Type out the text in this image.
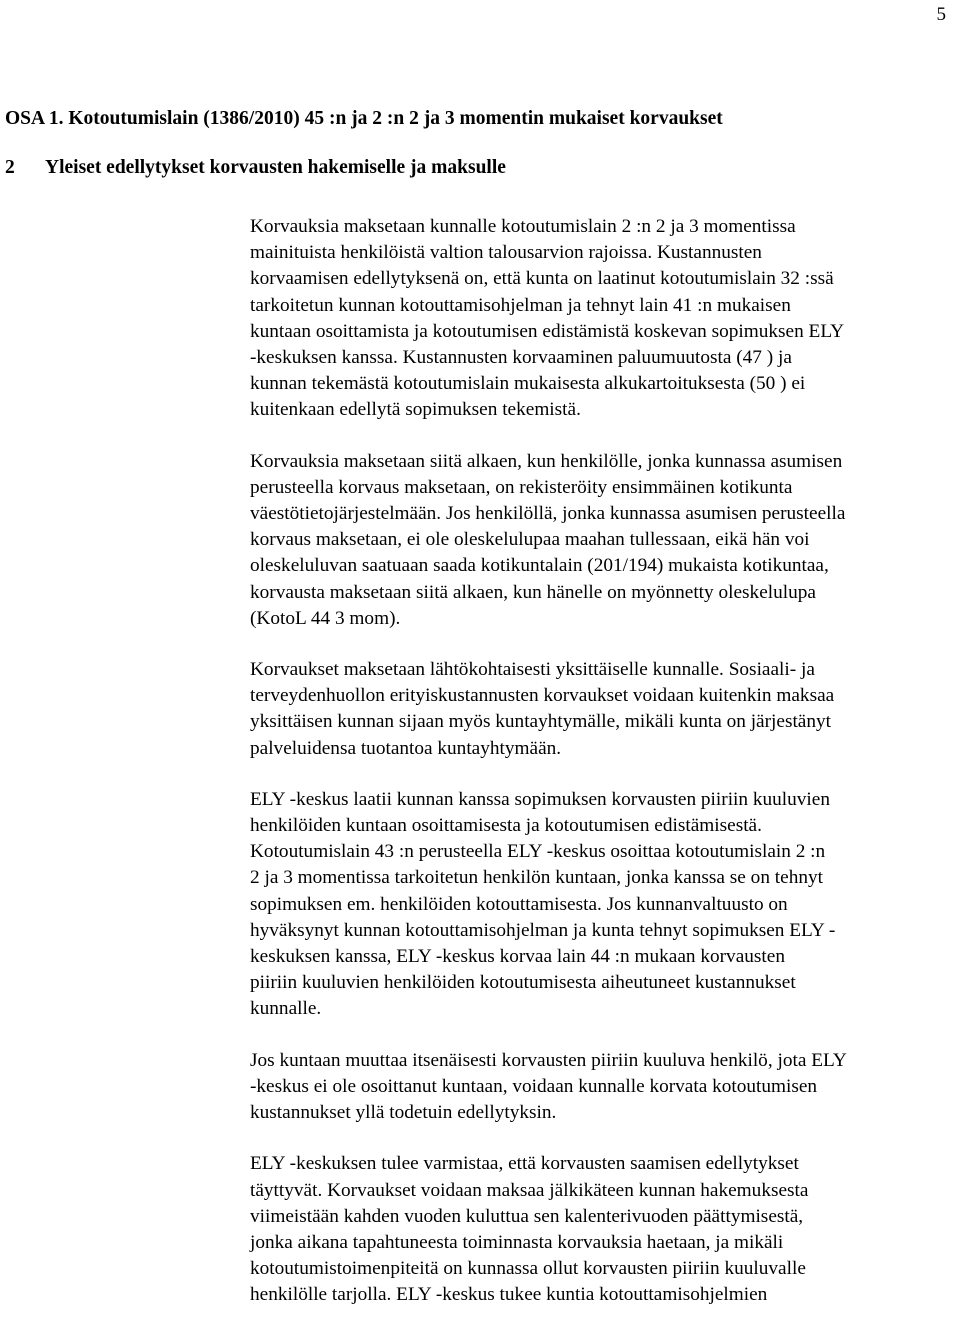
5
OSA 1. Kotoutumislain (1386/2010) 45 :n ja 2 :n 2 ja 3 momentin mukaiset korvaukset
2 Yleiset edellytykset korvausten hakemiselle ja maksulle

Korvauksia maksetaan kunnalle kotoutumislain 2 :n 2 ja 3 momentissa
mainituista henkilöistä valtion talousarvion rajoissa. Kustannusten
korvaamisen edellytyksenä on, että kunta on laatinut kotoutumislain 32 :ssä
tarkoitetun kunnan kotouttamisohjelman ja tehnyt lain 41 :n mukaisen
kuntaan osoittamista ja kotoutumisen edistämistä koskevan sopimuksen ELY
-keskuksen kanssa. Kustannusten korvaaminen paluumuutosta (47 ) ja
kunnan tekemästä kotoutumislain mukaisesta alkukartoituksesta (50 ) ei
kuitenkaan edellytä sopimuksen tekemistä.

Korvauksia maksetaan siitä alkaen, kun henkilölle, jonka kunnassa asumisen
perusteella korvaus maksetaan, on rekisteröity ensimmäinen kotikunta
väestötietojärjestelmään. Jos henkilöllä, jonka kunnassa asumisen perusteella
korvaus maksetaan, ei ole oleskelulupaa maahan tullessaan, eikä hän voi
oleskeluluvan saatuaan saada kotikuntalain (201/194) mukaista kotikuntaa,
korvausta maksetaan siitä alkaen, kun hänelle on myönnetty oleskelulupa
(KotoL 44 3 mom).

Korvaukset maksetaan lähtökohtaisesti yksittäiselle kunnalle. Sosiaali- ja
terveydenhuollon erityiskustannusten korvaukset voidaan kuitenkin maksaa
yksittäisen kunnan sijaan myös kuntayhtymälle, mikäli kunta on järjestänyt
palveluidensa tuotantoa kuntayhtymään.

ELY -keskus laatii kunnan kanssa sopimuksen korvausten piiriin kuuluvien
henkilöiden kuntaan osoittamisesta ja kotoutumisen edistämisestä.
Kotoutumislain 43 :n perusteella ELY -keskus osoittaa kotoutumislain 2 :n
2 ja 3 momentissa tarkoitetun henkilön kuntaan, jonka kanssa se on tehnyt
sopimuksen em. henkilöiden kotouttamisesta. Jos kunnanvaltuusto on
hyväksynyt kunnan kotouttamisohjelman ja kunta tehnyt sopimuksen ELY -
keskuksen kanssa, ELY -keskus korvaa lain 44 :n mukaan korvausten
piiriin kuuluvien henkilöiden kotoutumisesta aiheutuneet kustannukset
kunnalle.

Jos kuntaan muuttaa itsenäisesti korvausten piiriin kuuluva henkilö, jota ELY
-keskus ei ole osoittanut kuntaan, voidaan kunnalle korvata kotoutumisen
kustannukset yllä todetuin edellytyksin.

ELY -keskuksen tulee varmistaa, että korvausten saamisen edellytykset
täyttyvät. Korvaukset voidaan maksaa jälkikäteen kunnan hakemuksesta
viimeistään kahden vuoden kuluttua sen kalenterivuoden päättymisestä,
jonka aikana tapahtuneesta toiminnasta korvauksia haetaan, ja mikäli
kotoutumistoimenpiteitä on kunnassa ollut korvausten piiriin kuuluvalle
henkilölle tarjolla. ELY -keskus tukee kuntia kotouttamisohjelmien
